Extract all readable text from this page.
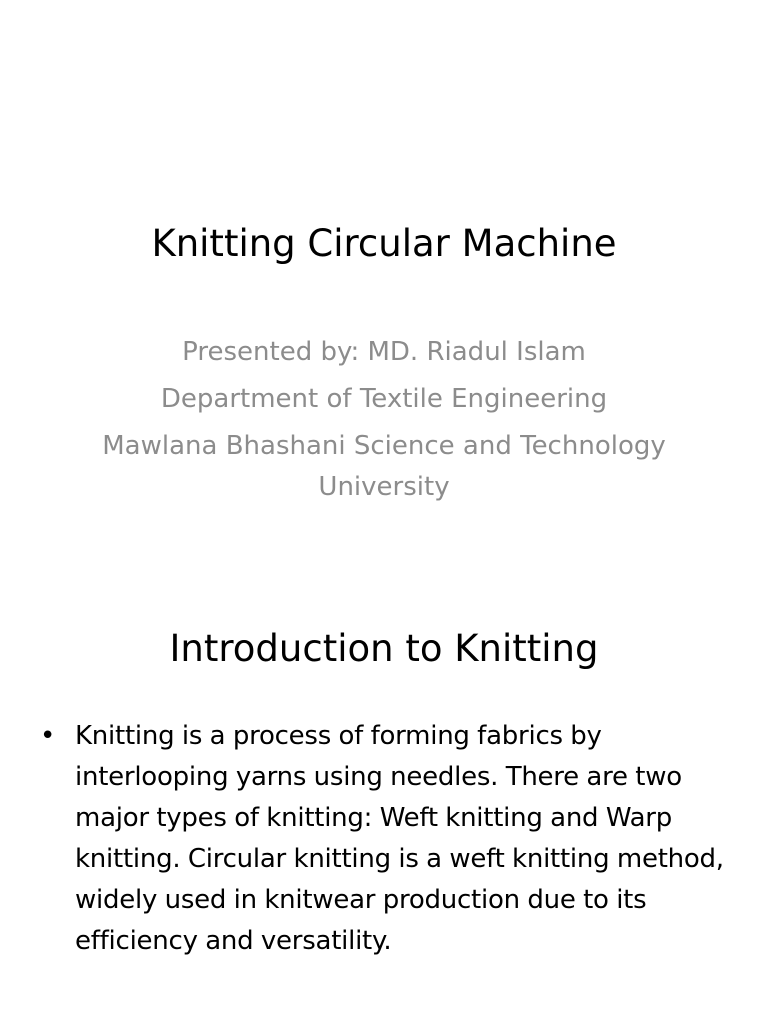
Knitting Circular Machine
Presented by: MD. Riadul Islam
Department of Textile Engineering
Mawlana Bhashani Science and Technology University
Introduction to Knitting
• Knitting is a process of forming fabrics by interlooping yarns using needles. There are two major types of knitting: Weft knitting and Warp knitting. Circular knitting is a weft knitting method, widely used in knitwear production due to its efficiency and versatility.
